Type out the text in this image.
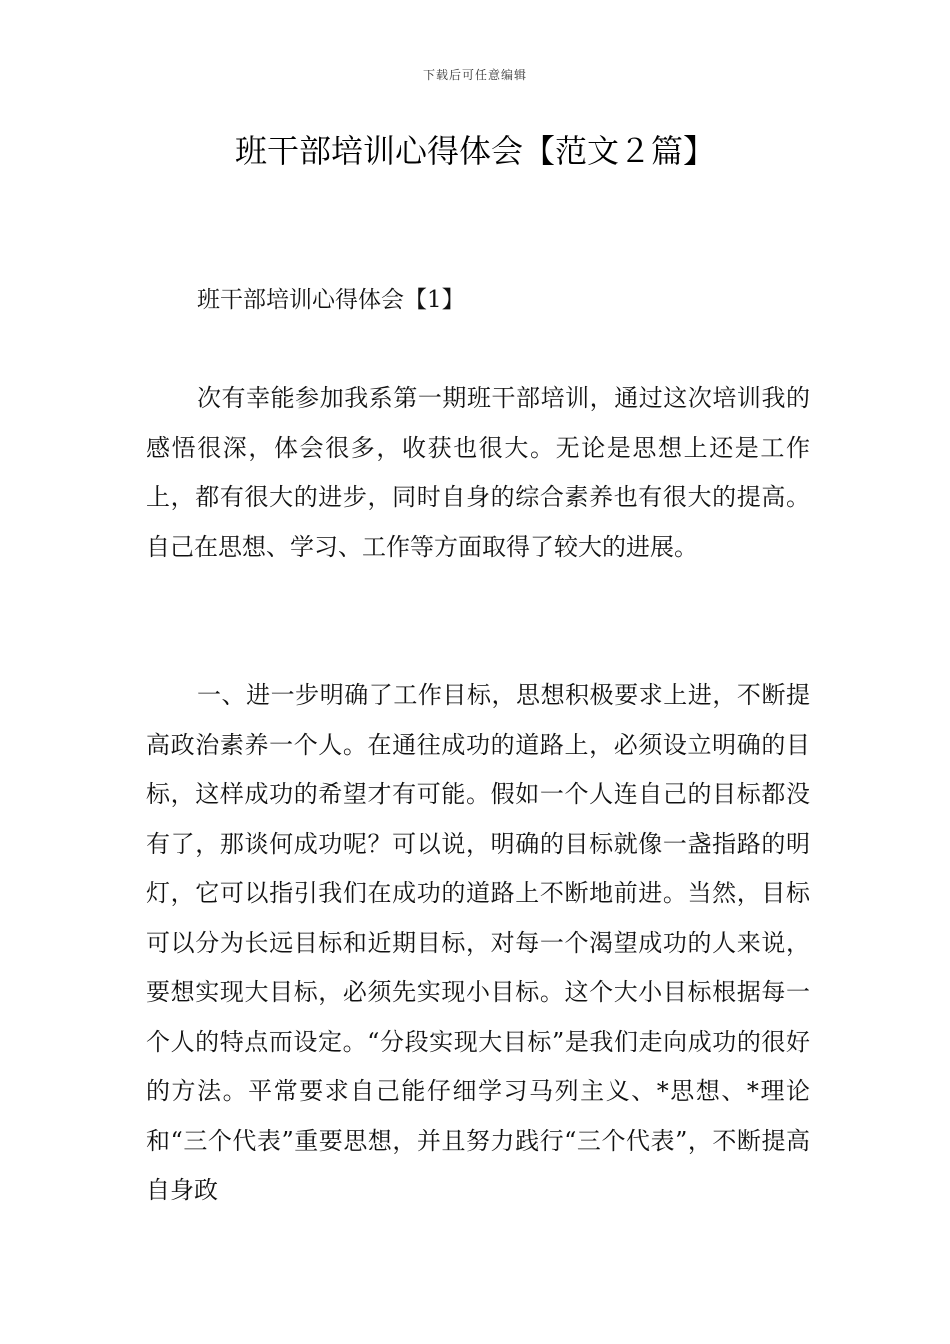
下载后可任意编辑
班干部培训心得体会【范文２篇】
班干部培训心得体会【1】

次有幸能参加我系第一期班干部培训，通过这次培训我的感悟很深，体会很多，收获也很大。无论是思想上还是工作上，都有很大的进步，同时自身的综合素养也有很大的提高。自己在思想、学习、工作等方面取得了较大的进展。

一、进一步明确了工作目标，思想积极要求上进，不断提高政治素养一个人。在通往成功的道路上，必须设立明确的目标，这样成功的希望才有可能。假如一个人连自己的目标都没有了，那谈何成功呢？可以说，明确的目标就像一盏指路的明灯，它可以指引我们在成功的道路上不断地前进。当然，目标可以分为长远目标和近期目标，对每一个渴望成功的人来说，要想实现大目标，必须先实现小目标。这个大小目标根据每一个人的特点而设定。“分段实现大目标”是我们走向成功的很好的方法。平常要求自己能仔细学习马列主义、*思想、*理论和“三个代表”重要思想，并且努力践行“三个代表”，不断提高自身政
